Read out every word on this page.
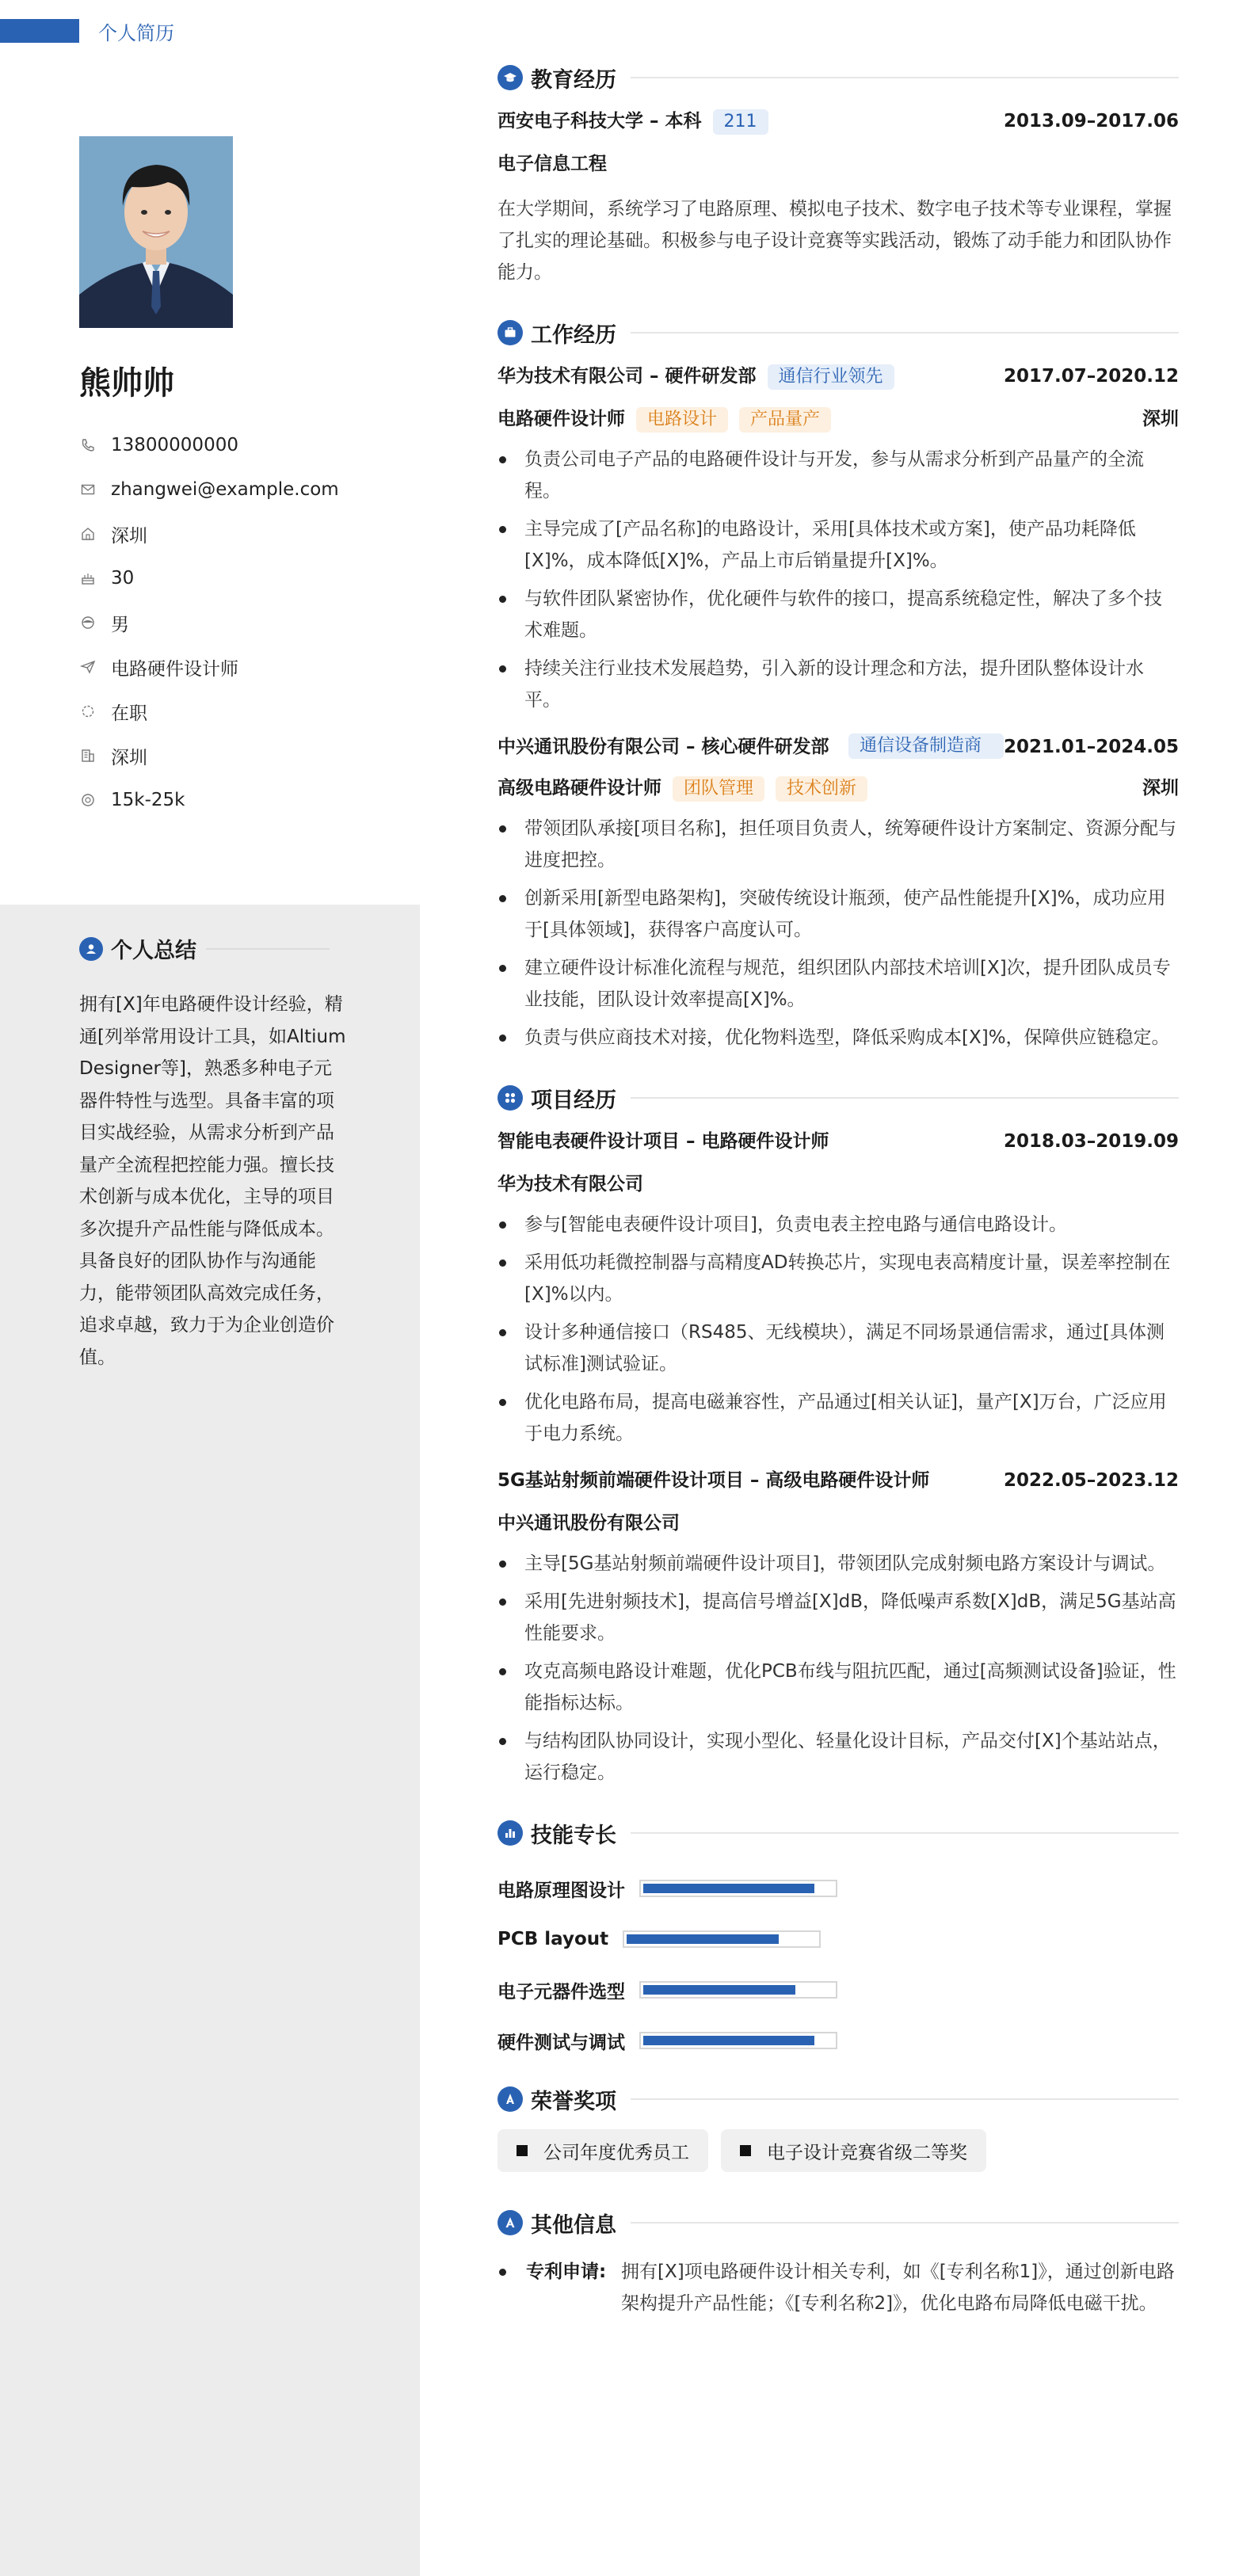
个人简历
熊帅帅
13800000000
zhangwei@example.com
深圳
30
男
电路硬件设计师
在职
深圳
15k-25k
个人总结
拥有[X]年电路硬件设计经验，精通[列举常用设计工具，如Altium Designer等]，熟悉多种电子元器件特性与选型。具备丰富的项目实战经验，从需求分析到产品量产全流程把控能力强。擅长技术创新与成本优化，主导的项目多次提升产品性能与降低成本。具备良好的团队协作与沟通能力，能带领团队高效完成任务，追求卓越，致力于为企业创造价值。
教育经历
西安电子科技大学 – 本科 211	2013.09–2017.06
电子信息工程
在大学期间，系统学习了电路原理、模拟电子技术、数字电子技术等专业课程，掌握了扎实的理论基础。积极参与电子设计竞赛等实践活动，锻炼了动手能力和团队协作能力。
工作经历
华为技术有限公司 – 硬件研发部 通信行业领先	2017.07–2020.12
电路硬件设计师 电路设计 产品量产	深圳
负责公司电子产品的电路硬件设计与开发，参与从需求分析到产品量产的全流程。
主导完成了[产品名称]的电路设计，采用[具体技术或方案]，使产品功耗降低[X]%，成本降低[X]%，产品上市后销量提升[X]%。
与软件团队紧密协作，优化硬件与软件的接口，提高系统稳定性，解决了多个技术难题。
持续关注行业技术发展趋势，引入新的设计理念和方法，提升团队整体设计水平。
中兴通讯股份有限公司 – 核心硬件研发部	通信设备制造商	2021.01–2024.05
高级电路硬件设计师 团队管理 技术创新	深圳
带领团队承接[项目名称]，担任项目负责人，统筹硬件设计方案制定、资源分配与进度把控。
创新采用[新型电路架构]，突破传统设计瓶颈，使产品性能提升[X]%，成功应用于[具体领域]，获得客户高度认可。
建立硬件设计标准化流程与规范，组织团队内部技术培训[X]次，提升团队成员专业技能，团队设计效率提高[X]%。
负责与供应商技术对接，优化物料选型，降低采购成本[X]%，保障供应链稳定。
项目经历
智能电表硬件设计项目 – 电路硬件设计师	2018.03–2019.09
华为技术有限公司
参与[智能电表硬件设计项目]，负责电表主控电路与通信电路设计。
采用低功耗微控制器与高精度AD转换芯片，实现电表高精度计量，误差率控制在[X]%以内。
设计多种通信接口（RS485、无线模块），满足不同场景通信需求，通过[具体测试标准]测试验证。
优化电路布局，提高电磁兼容性，产品通过[相关认证]，量产[X]万台，广泛应用于电力系统。
5G基站射频前端硬件设计项目 – 高级电路硬件设计师	2022.05–2023.12
中兴通讯股份有限公司
主导[5G基站射频前端硬件设计项目]，带领团队完成射频电路方案设计与调试。
采用[先进射频技术]，提高信号增益[X]dB，降低噪声系数[X]dB，满足5G基站高性能要求。
攻克高频电路设计难题，优化PCB布线与阻抗匹配，通过[高频测试设备]验证，性能指标达标。
与结构团队协同设计，实现小型化、轻量化设计目标，产品交付[X]个基站站点，运行稳定。
技能专长
电路原理图设计
PCB layout
电子元器件选型
硬件测试与调试
荣誉奖项
公司年度优秀员工	电子设计竞赛省级二等奖
其他信息
专利申请: 拥有[X]项电路硬件设计相关专利，如《[专利名称1]》，通过创新电路架构提升产品性能；《[专利名称2]》，优化电路布局降低电磁干扰。
